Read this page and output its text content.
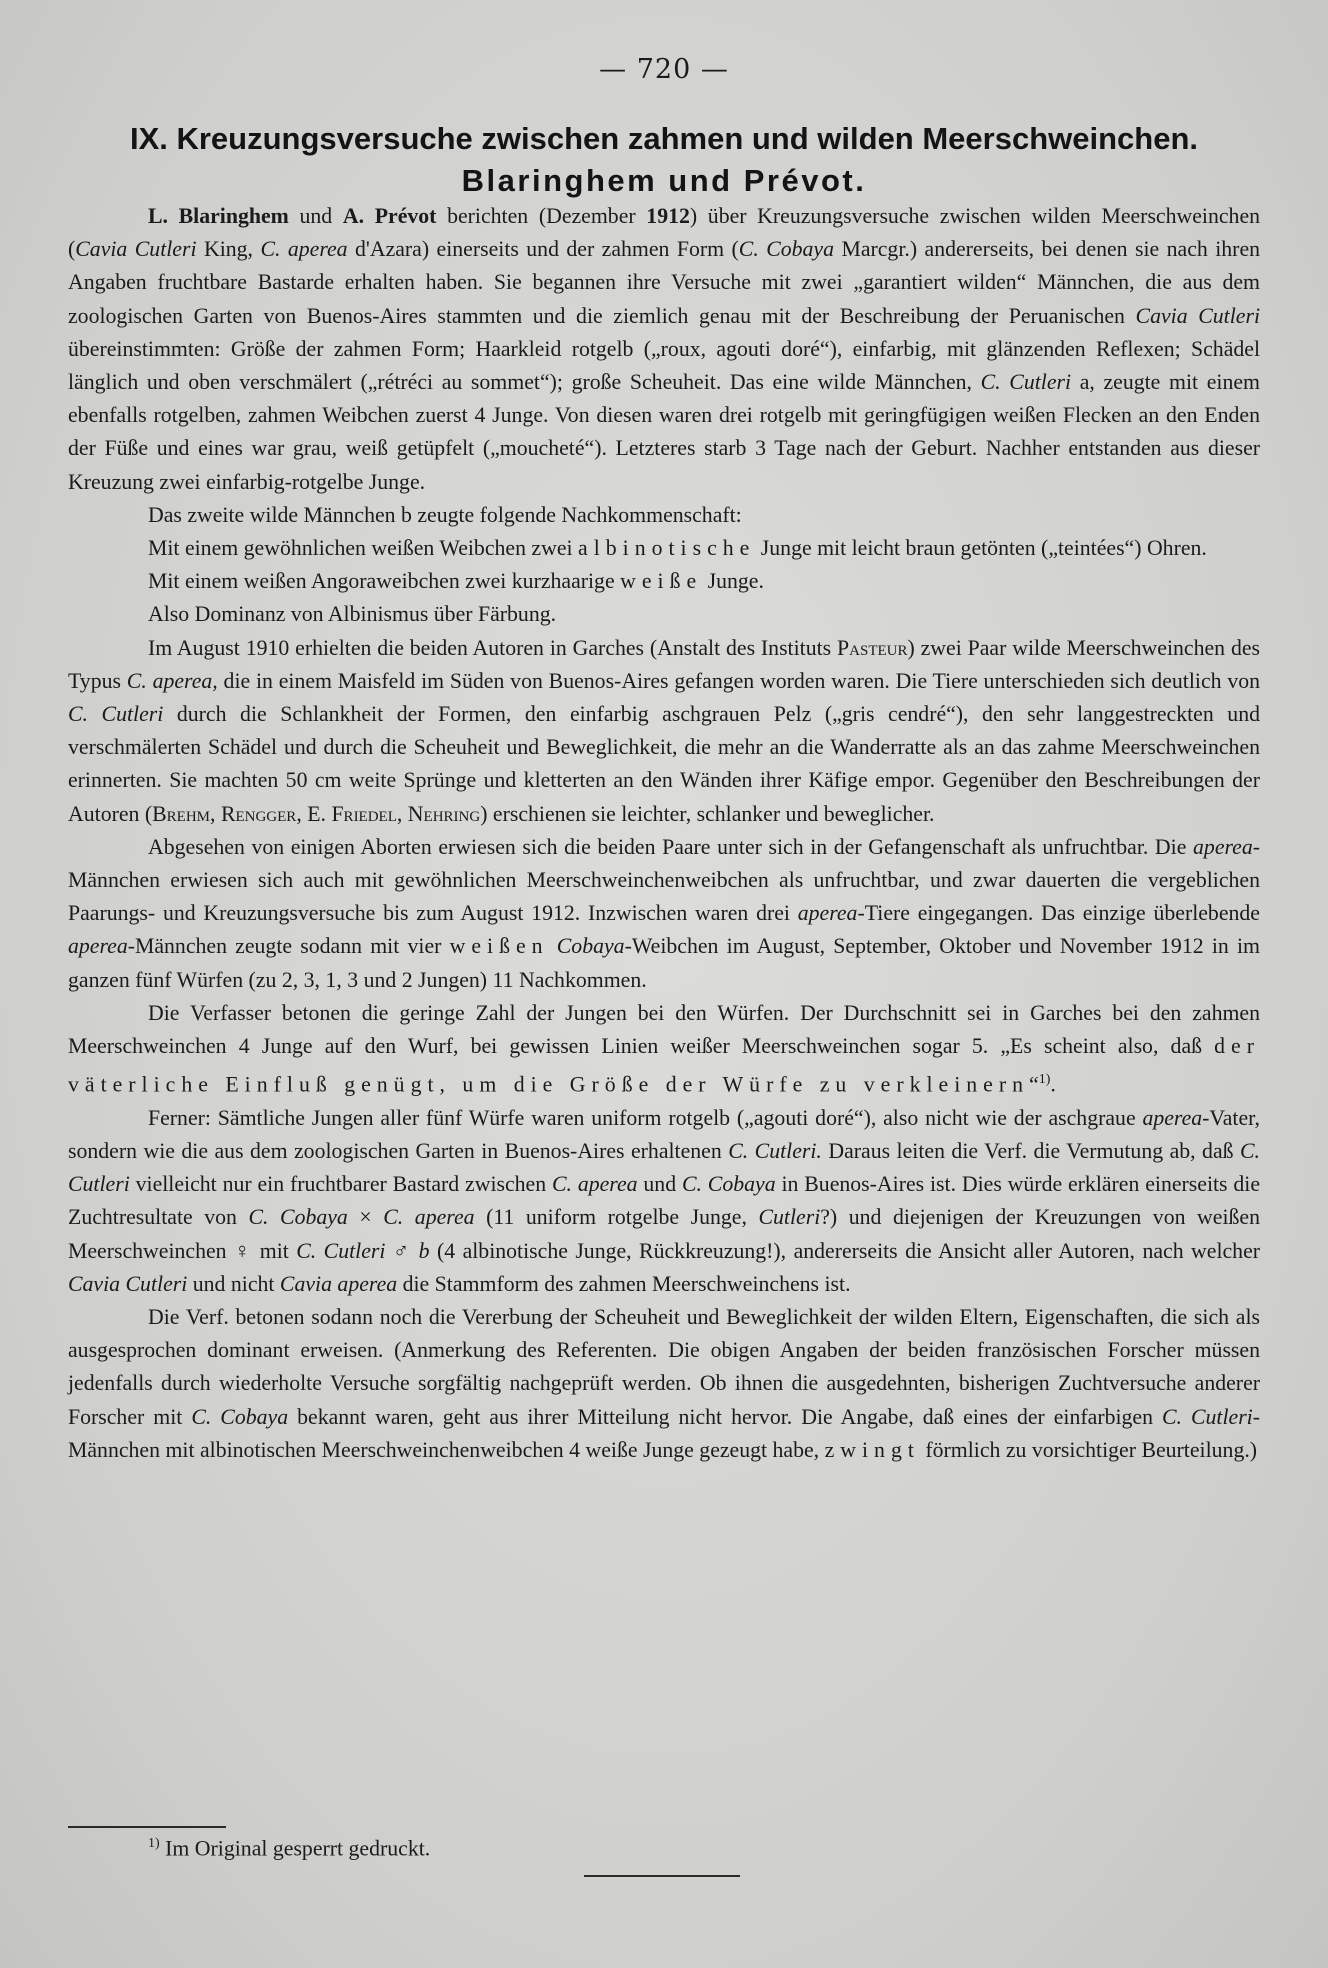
— 720 —
IX. Kreuzungsversuche zwischen zahmen und wilden Meerschweinchen.
Blaringhem und Prévot.

L. Blaringhem und A. Prévot berichten (Dezember 1912) über Kreuzungsversuche zwischen wilden Meerschweinchen (Cavia Cutleri King, C. aperea d'Azara) einerseits und der zahmen Form (C. Cobaya Marcgr.) andererseits, bei denen sie nach ihren Angaben fruchtbare Bastarde erhalten haben. Sie begannen ihre Versuche mit zwei „garantiert wilden“ Männchen, die aus dem zoologischen Garten von Buenos-Aires stammten und die ziemlich genau mit der Beschreibung der Peruanischen Cavia Cutleri übereinstimmten: Größe der zahmen Form; Haarkleid rotgelb („roux, agouti doré“), einfarbig, mit glänzenden Reflexen; Schädel länglich und oben verschmälert („rétréci au sommet“); große Scheuheit. Das eine wilde Männchen, C. Cutleri a, zeugte mit einem ebenfalls rotgelben, zahmen Weibchen zuerst 4 Junge. Von diesen waren drei rotgelb mit geringfügigen weißen Flecken an den Enden der Füße und eines war grau, weiß getüpfelt („moucheté“). Letzteres starb 3 Tage nach der Geburt. Nachher entstanden aus dieser Kreuzung zwei einfarbig-rotgelbe Junge.

Das zweite wilde Männchen b zeugte folgende Nachkommenschaft:

Mit einem gewöhnlichen weißen Weibchen zwei albinotische Junge mit leicht braun getönten („teintées“) Ohren.

Mit einem weißen Angoraweibchen zwei kurzhaarige weiße Junge.

Also Dominanz von Albinismus über Färbung.

Im August 1910 erhielten die beiden Autoren in Garches (Anstalt des Instituts Pasteur) zwei Paar wilde Meerschweinchen des Typus C. aperea, die in einem Maisfeld im Süden von Buenos-Aires gefangen worden waren. Die Tiere unterschieden sich deutlich von C. Cutleri durch die Schlankheit der Formen, den einfarbig aschgrauen Pelz („gris cendré“), den sehr langgestreckten und verschmälerten Schädel und durch die Scheuheit und Beweglichkeit, die mehr an die Wanderratte als an das zahme Meerschweinchen erinnerten. Sie machten 50 cm weite Sprünge und kletterten an den Wänden ihrer Käfige empor. Gegenüber den Beschreibungen der Autoren (Brehm, Rengger, E. Friedel, Nehring) erschienen sie leichter, schlanker und beweglicher.

Abgesehen von einigen Aborten erwiesen sich die beiden Paare unter sich in der Gefangenschaft als unfruchtbar. Die aperea-Männchen erwiesen sich auch mit gewöhnlichen Meerschweinchenweibchen als unfruchtbar, und zwar dauerten die vergeblichen Paarungs- und Kreuzungsversuche bis zum August 1912. Inzwischen waren drei aperea-Tiere eingegangen. Das einzige überlebende aperea-Männchen zeugte sodann mit vier weißen Cobaya-Weibchen im August, September, Oktober und November 1912 in im ganzen fünf Würfen (zu 2, 3, 1, 3 und 2 Jungen) 11 Nachkommen.

Die Verfasser betonen die geringe Zahl der Jungen bei den Würfen. Der Durchschnitt sei in Garches bei den zahmen Meerschweinchen 4 Junge auf den Wurf, bei gewissen Linien weißer Meerschweinchen sogar 5. „Es scheint also, daß der väterliche Einfluß genügt, um die Größe der Würfe zu verkleinern“$^{1)}$.

Ferner: Sämtliche Jungen aller fünf Würfe waren uniform rotgelb („agouti doré“), also nicht wie der aschgraue aperea-Vater, sondern wie die aus dem zoologischen Garten in Buenos-Aires erhaltenen C. Cutleri. Daraus leiten die Verf. die Vermutung ab, daß C. Cutleri vielleicht nur ein fruchtbarer Bastard zwischen C. aperea und C. Cobaya in Buenos-Aires ist. Dies würde erklären einerseits die Zuchtresultate von C. Cobaya × C. aperea (11 uniform rotgelbe Junge, Cutleri?) und diejenigen der Kreuzungen von weißen Meerschweinchen ♀ mit C. Cutleri ♂ b (4 albinotische Junge, Rückkreuzung!), andererseits die Ansicht aller Autoren, nach welcher Cavia Cutleri und nicht Cavia aperea die Stammform des zahmen Meerschweinchens ist.

Die Verf. betonen sodann noch die Vererbung der Scheuheit und Beweglichkeit der wilden Eltern, Eigenschaften, die sich als ausgesprochen dominant erweisen. (Anmerkung des Referenten. Die obigen Angaben der beiden französischen Forscher müssen jedenfalls durch wiederholte Versuche sorgfältig nachgeprüft werden. Ob ihnen die ausgedehnten, bisherigen Zuchtversuche anderer Forscher mit C. Cobaya bekannt waren, geht aus ihrer Mitteilung nicht hervor. Die Angabe, daß eines der einfarbigen C. Cutleri-Männchen mit albinotischen Meerschweinchenweibchen 4 weiße Junge gezeugt habe, zwingt förmlich zu vorsichtiger Beurteilung.)

$^{1)}$ Im Original gesperrt gedruckt.
